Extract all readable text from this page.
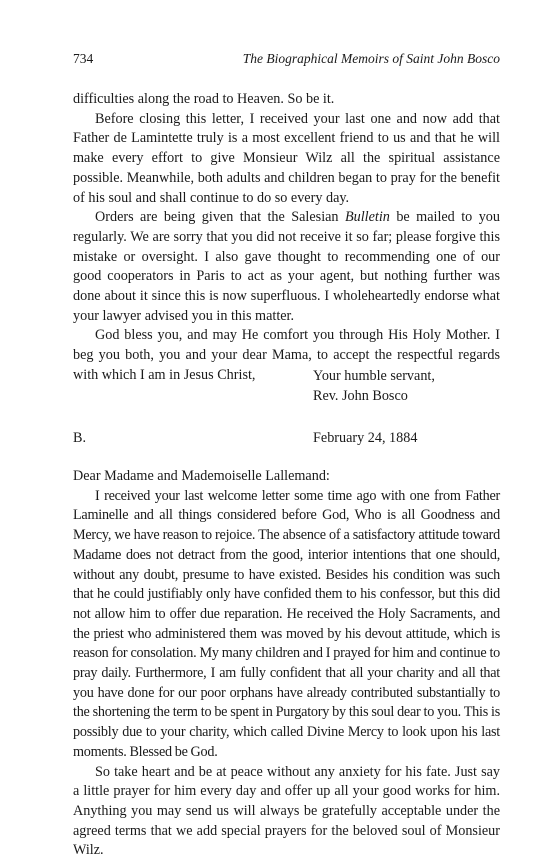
734	The Biographical Memoirs of Saint John Bosco

difficulties along the road to Heaven. So be it.

Before closing this letter, I received your last one and now add that Father de Lamintette truly is a most excellent friend to us and that he will make every effort to give Monsieur Wilz all the spiritual assistance possible. Meanwhile, both adults and children began to pray for the benefit of his soul and shall continue to do so every day.

Orders are being given that the Salesian Bulletin be mailed to you regularly. We are sorry that you did not receive it so far; please forgive this mistake or oversight. I also gave thought to recommending one of our good cooperators in Paris to act as your agent, but nothing further was done about it since this is now superfluous. I wholeheartedly endorse what your lawyer advised you in this matter.

God bless you, and may He comfort you through His Holy Mother. I beg you both, you and your dear Mama, to accept the respectful regards with which I am in Jesus Christ,	Your humble servant,
Rev. John Bosco
B.	February 24, 1884

Dear Madame and Mademoiselle Lallemand:

I received your last welcome letter some time ago with one from Father Laminelle and all things considered before God, Who is all Goodness and Mercy, we have reason to rejoice. The absence of a satisfactory attitude toward Madame does not detract from the good, interior intentions that one should, without any doubt, presume to have existed. Besides his condition was such that he could justifiably only have confided them to his confessor, but this did not allow him to offer due reparation. He received the Holy Sacraments, and the priest who administered them was moved by his devout attitude, which is reason for consolation. My many children and I prayed for him and continue to pray daily. Furthermore, I am fully confident that all your charity and all that you have done for our poor orphans have already contributed substantially to the shortening the term to be spent in Purgatory by this soul dear to you. This is possibly due to your charity, which called Divine Mercy to look upon his last moments. Blessed be God.

So take heart and be at peace without any anxiety for his fate. Just say a little prayer for him every day and offer up all your good works for him. Anything you may send us will always be gratefully acceptable under the agreed terms that we add special prayers for the beloved soul of Monsieur Wilz.
